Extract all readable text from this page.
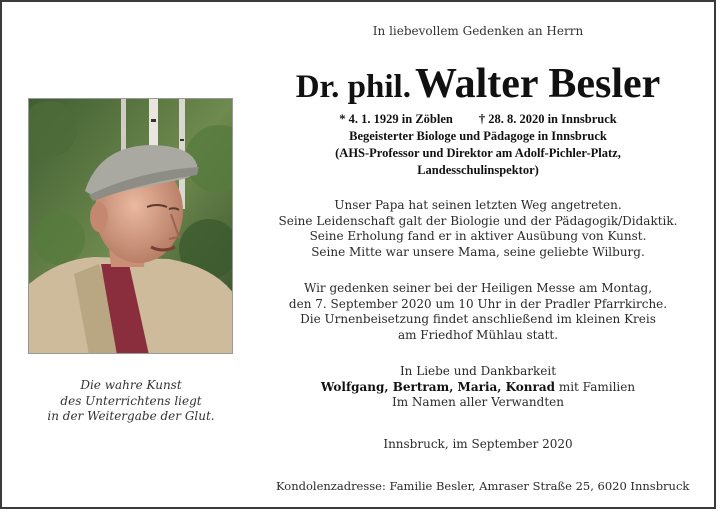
In liebevollem Gedenken an Herrn
Dr. phil. Walter Besler
* 4. 1. 1929 in Zöblen † 28. 8. 2020 in Innsbruck
Begeisterter Biologe und Pädagoge in Innsbruck
(AHS-Professor und Direktor am Adolf-Pichler-Platz,
Landesschulinspektor)
Unser Papa hat seinen letzten Weg angetreten.
Seine Leidenschaft galt der Biologie und der Pädagogik/Didaktik.
Seine Erholung fand er in aktiver Ausübung von Kunst.
Seine Mitte war unsere Mama, seine geliebte Wilburg.
Wir gedenken seiner bei der Heiligen Messe am Montag,
den 7. September 2020 um 10 Uhr in der Pradler Pfarrkirche.
Die Urnenbeisetzung findet anschließend im kleinen Kreis
am Friedhof Mühlau statt.
In Liebe und Dankbarkeit
Wolfgang, Bertram, Maria, Konrad mit Familien
Im Namen aller Verwandten
Innsbruck, im September 2020
Kondolenzadresse: Familie Besler, Amraser Straße 25, 6020 Innsbruck
Die wahre Kunst
des Unterrichtens liegt
in der Weitergabe der Glut.
